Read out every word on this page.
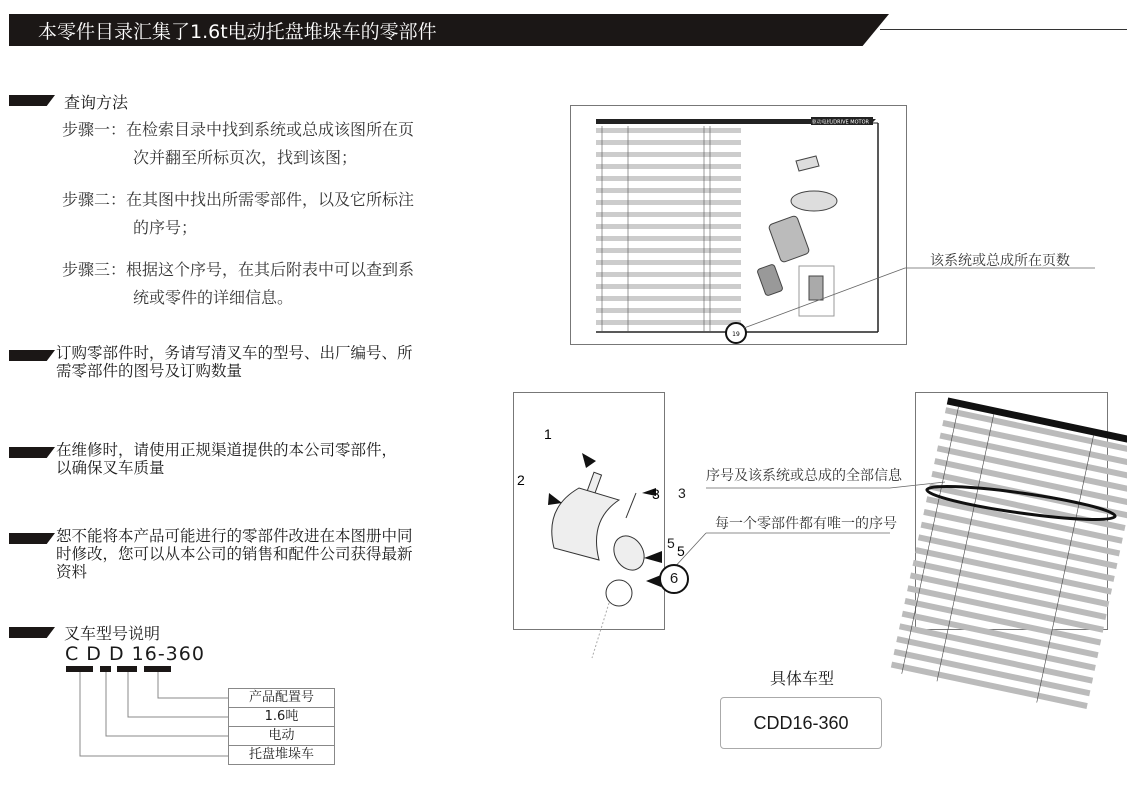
本零件目录汇集了1.6t电动托盘堆垛车的零部件
查询方法
步骤一：在检索目录中找到系统或总成该图所在页
次并翻至所标页次，找到该图；
步骤二：在其图中找出所需零部件，以及它所标注
的序号；
步骤三：根据这个序号，在其后附表中可以查到系
统或零件的详细信息。
订购零部件时，务请写清叉车的型号、出厂编号、所
需零部件的图号及订购数量
在维修时，请使用正规渠道提供的本公司零部件，
以确保叉车质量
恕不能将本产品可能进行的零部件改进在本图册中同
时修改，您可以从本公司的销售和配件公司获得最新
资料
叉车型号说明
C D D 16-360
产品配置号
1.6吨
电动
托盘堆垛车
驱动电机/DRIVE MOTOR
图19/FIG.19
19
该系统或总成所在页数
1
2
3
5
6
5
3
序号及该系统或总成的全部信息
每一个零部件都有唯一的序号
具体车型
CDD16-360
